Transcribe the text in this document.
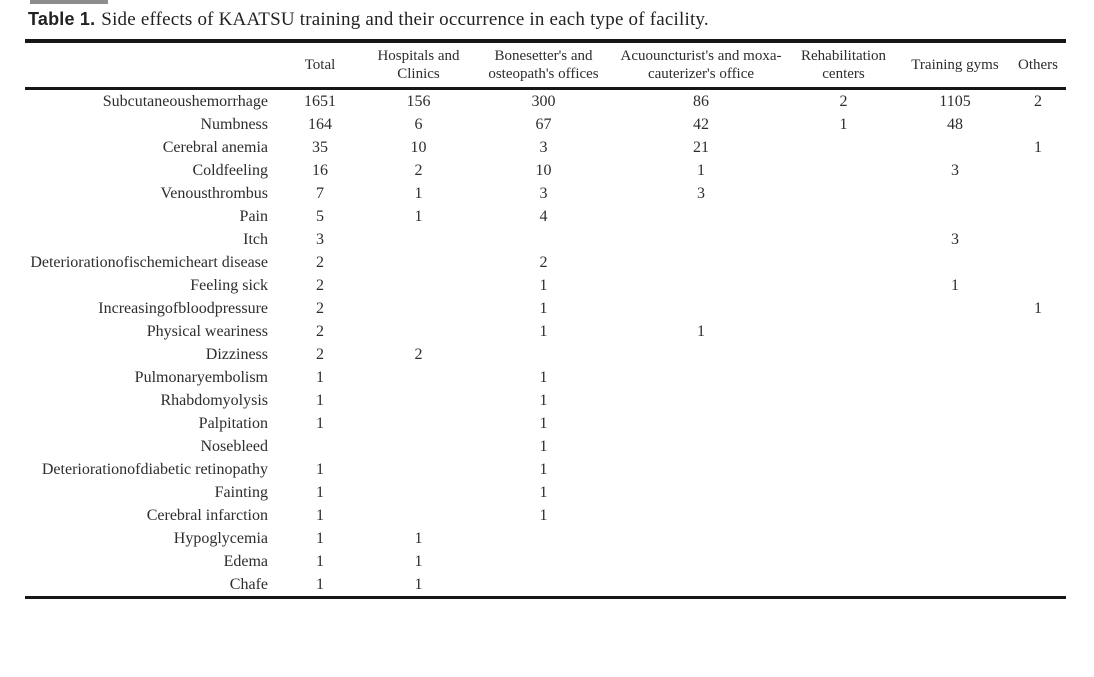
Table 1. Side effects of KAATSU training and their occurrence in each type of facility.
	Total	Hospitals and Clinics	Bonesetter's and osteopath's offices	Acuouncturist's and moxa-cauterizer's office	Rehabilitation centers	Training gyms	Others
Subcutaneoushemorrhage	1651	156	300	86	2	1105	2
Numbness	164	6	67	42	1	48	
Cerebral anemia	35	10	3	21			1
Coldfeeling	16	2	10	1		3	
Venousthrombus	7	1	3	3			
Pain	5	1	4				
Itch	3					3	
Deteriorationofischemicheart disease	2		2				
Feeling sick	2		1			1	
Increasingofbloodpressure	2		1				1
Physical weariness	2		1	1			
Dizziness	2	2					
Pulmonaryembolism	1		1				
Rhabdomyolysis	1		1				
Palpitation	1		1				
Nosebleed			1				
Deteriorationofdiabetic retinopathy	1		1				
Fainting	1		1				
Cerebral infarction	1		1				
Hypoglycemia	1	1					
Edema	1	1					
Chafe	1	1					
